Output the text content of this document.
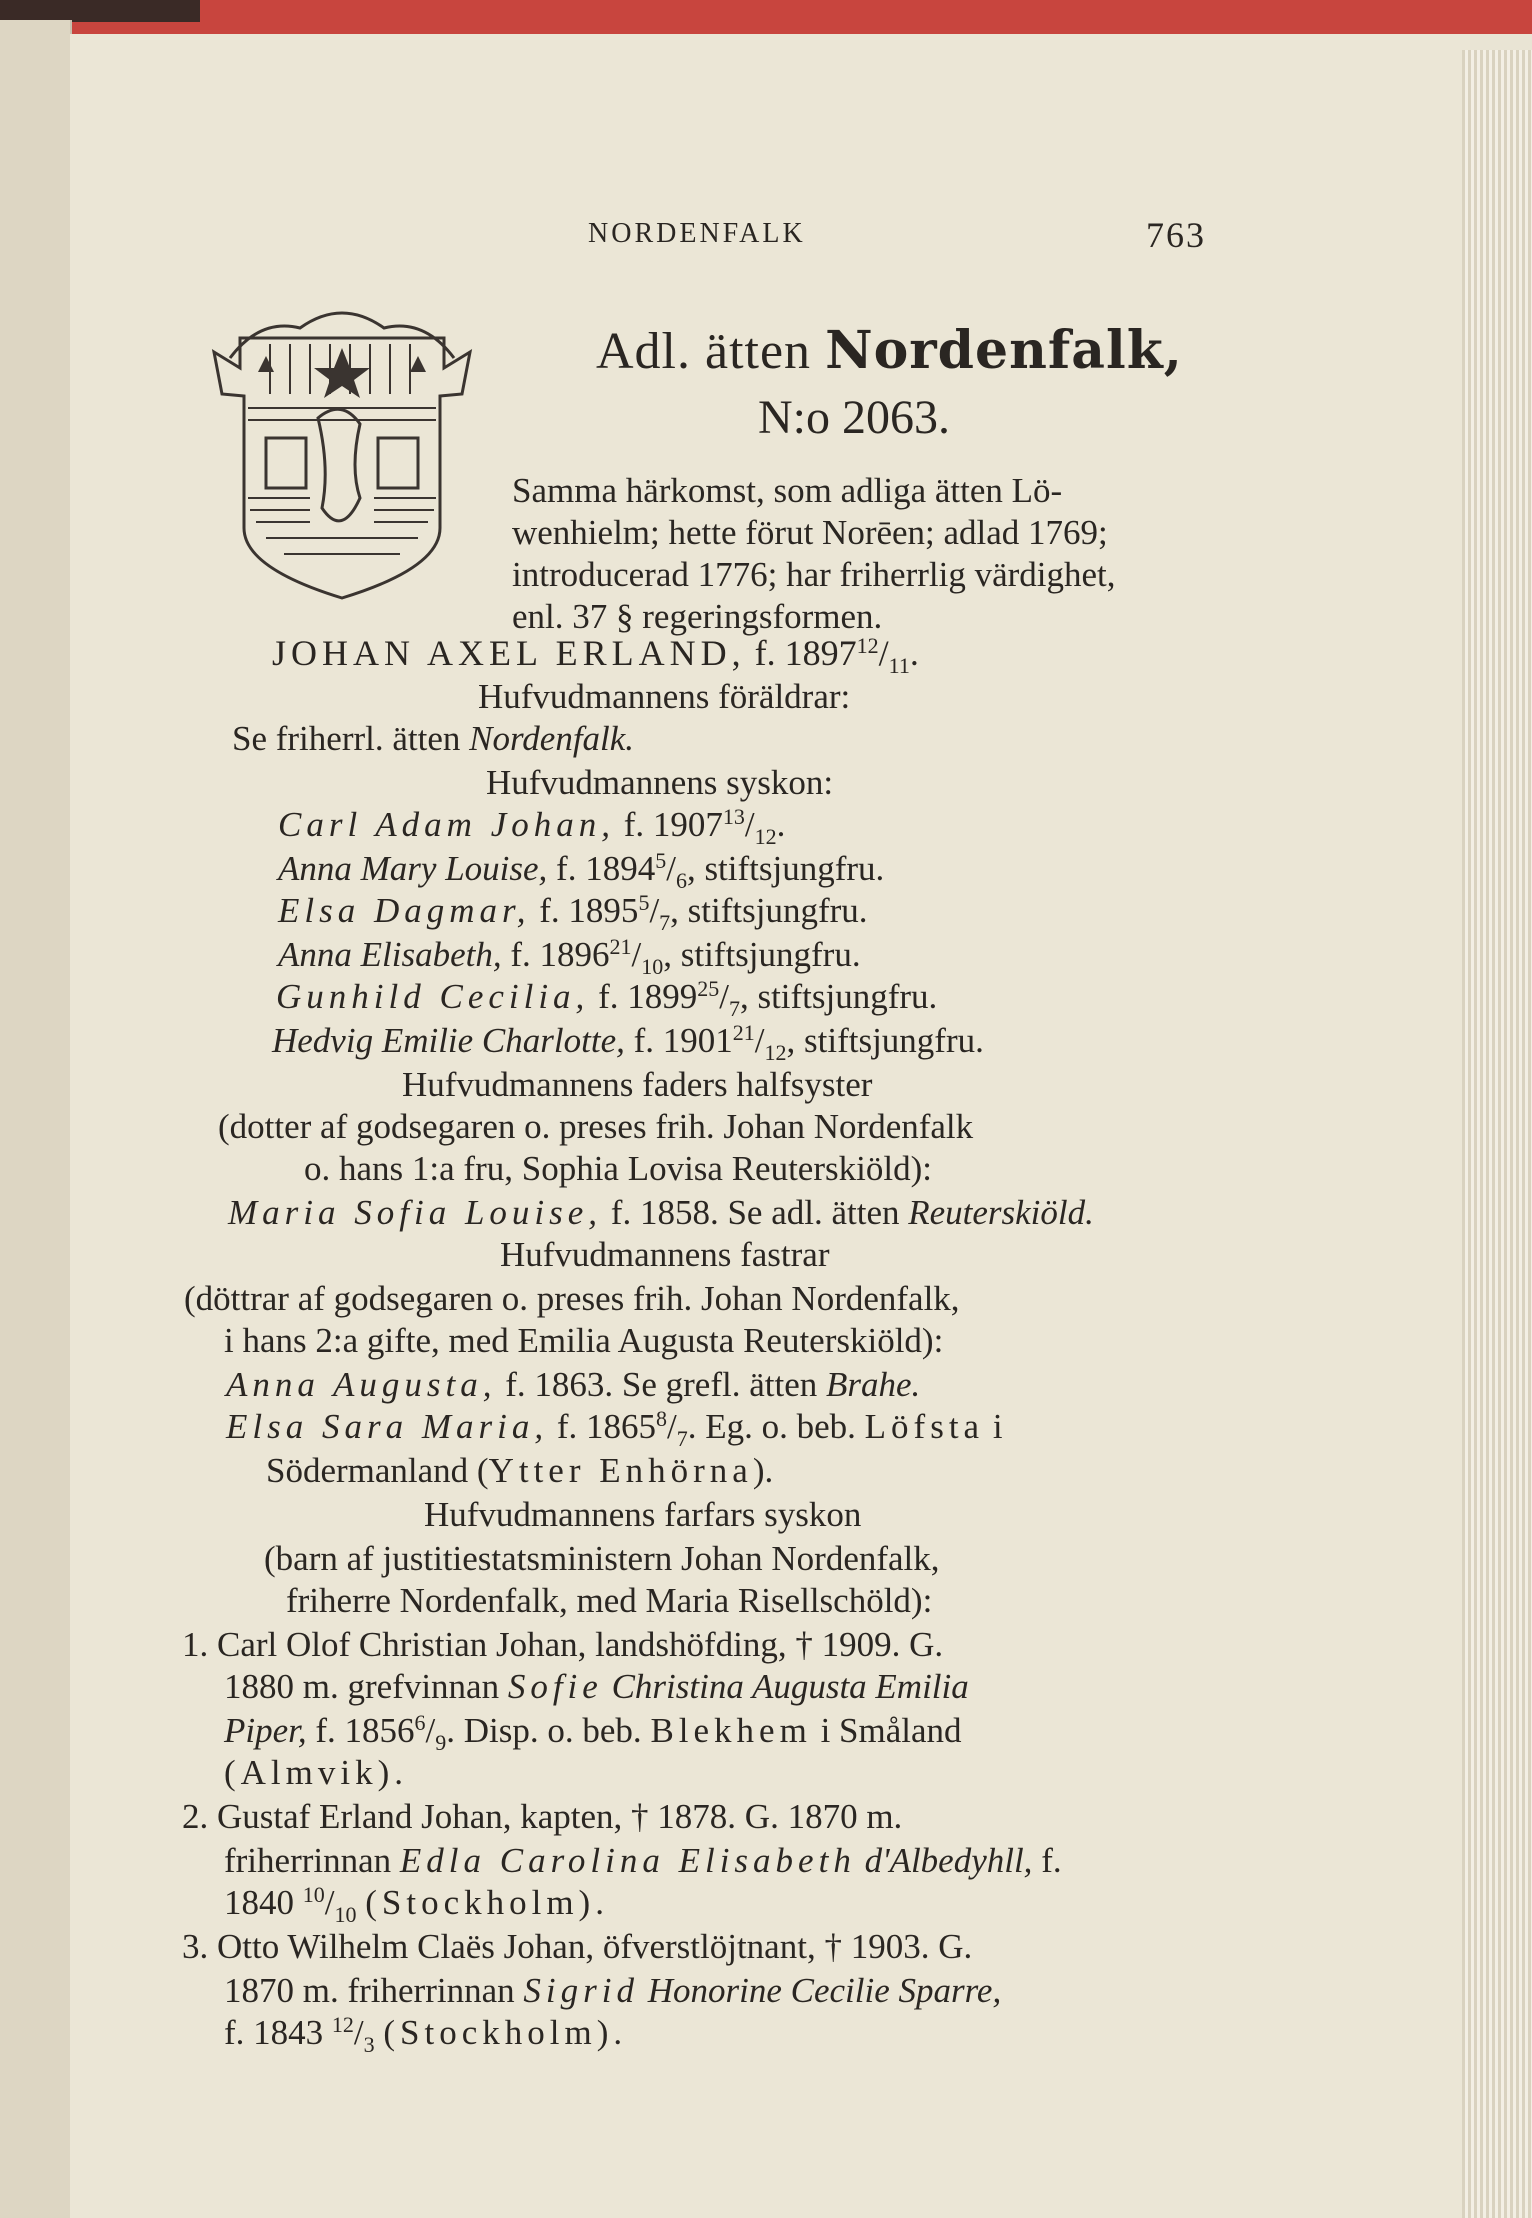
NORDENFALK	763
Adl. ätten Nordenfalk,
N:o 2063.
Samma härkomst, som adliga ätten Lö-
wenhielm; hette förut Norēen; adlad 1769;
introducerad 1776; har friherrlig värdighet,
enl. 37 § regeringsformen.
JOHAN AXEL ERLAND, f. $1897^{12}/_{11}$.
Hufvudmannens föräldrar:
Se friherrl. ätten Nordenfalk.
Hufvudmannens syskon:
Carl Adam Johan, f. $1907^{13}/_{12}$.
Anna Mary Louise, f. $1894^5/_6$, stiftsjungfru.
Elsa Dagmar, f. $1895^5/_7$, stiftsjungfru.
Anna Elisabeth, f. $1896^{21}/_{10}$, stiftsjungfru.
Gunhild Cecilia, f. $1899^{25}/_7$, stiftsjungfru.
Hedvig Emilie Charlotte, f. $1901^{21}/_{12}$, stiftsjungfru.
Hufvudmannens faders halfsyster
(dotter af godsegaren o. preses frih. Johan Nordenfalk
o. hans 1:a fru, Sophia Lovisa Reuterskiöld):
Maria Sofia Louise, f. 1858. Se adl. ätten Reuterskiöld.
Hufvudmannens fastrar
(döttrar af godsegaren o. preses frih. Johan Nordenfalk,
i hans 2:a gifte, med Emilia Augusta Reuterskiöld):
Anna Augusta, f. 1863. Se grefl. ätten Brahe.
Elsa Sara Maria, f. $1865^8/_7$. Eg. o. beb. Löfsta i
Södermanland (Ytter Enhörna).
Hufvudmannens farfars syskon
(barn af justitiestatsministern Johan Nordenfalk,
friherre Nordenfalk, med Maria Risellschöld):
1. Carl Olof Christian Johan, landshöfding, † 1909. G.
1880 m. grefvinnan Sofie Christina Augusta Emilia
Piper, f. $1856^6/_9$. Disp. o. beb. Blekhem i Småland
(Almvik).
2. Gustaf Erland Johan, kapten, † 1878. G. 1870 m.
friherrinnan Edla Carolina Elisabeth d'Albedyhll, f.
1840 $^{10}/_{10}$ (Stockholm).
3. Otto Wilhelm Claës Johan, öfverstlöjtnant, † 1903. G.
1870 m. friherrinnan Sigrid Honorine Cecilie Sparre,
f. 1843 $^{12}/_3$ (Stockholm).
